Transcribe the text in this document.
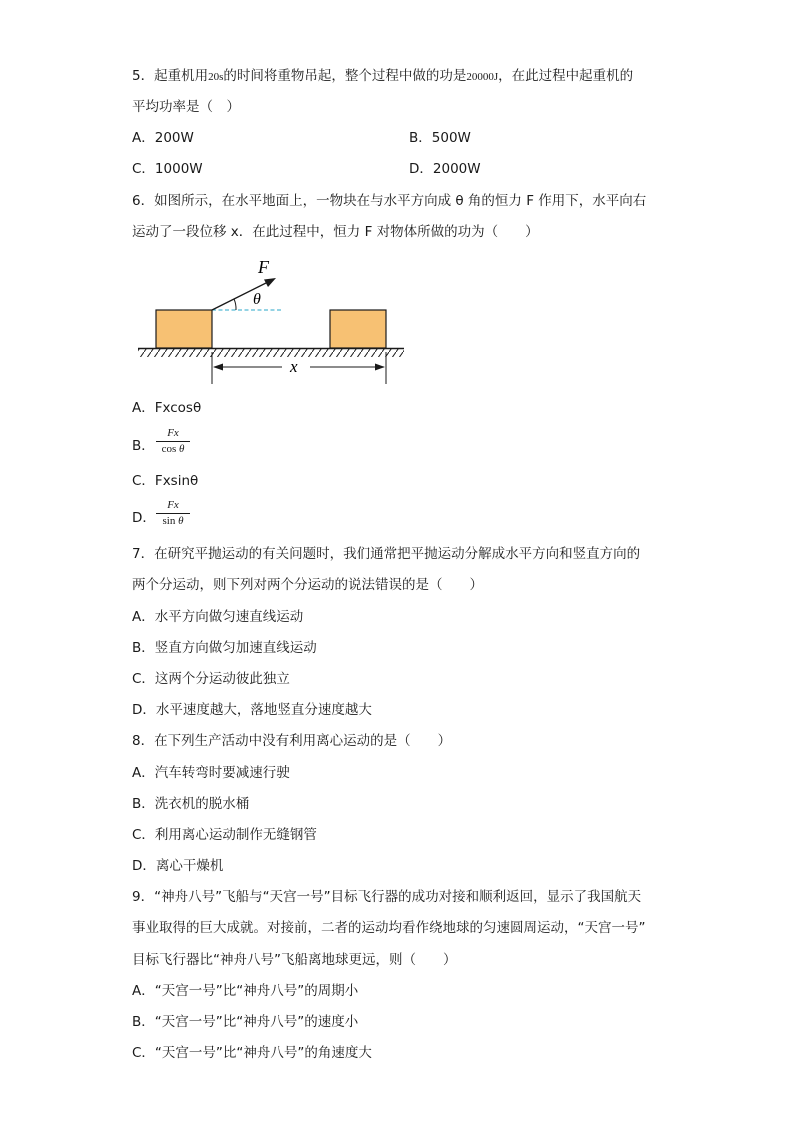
5．起重机用20s的时间将重物吊起，整个过程中做的功是20000J，在此过程中起重机的
平均功率是（　）
A．200W	B．500W
C．1000W	D．2000W
6．如图所示，在水平地面上，一物块在与水平方向成 θ 角的恒力 F 作用下，水平向右
运动了一段位移 x．在此过程中，恒力 F 对物体所做的功为（　　）
F
θ
x
A．Fxcosθ
B．
Fx
cos θ
C．Fxsinθ
D．
Fx
sin θ
7．在研究平抛运动的有关问题时，我们通常把平抛运动分解成水平方向和竖直方向的
两个分运动，则下列对两个分运动的说法错误的是（　　）
A．水平方向做匀速直线运动
B．竖直方向做匀加速直线运动
C．这两个分运动彼此独立
D．水平速度越大，落地竖直分速度越大
8．在下列生产活动中没有利用离心运动的是（　　）
A．汽车转弯时要减速行驶
B．洗衣机的脱水桶
C．利用离心运动制作无缝钢管
D．离心干燥机
9．“神舟八号”飞船与“天宫一号”目标飞行器的成功对接和顺利返回，显示了我国航天
事业取得的巨大成就。对接前，二者的运动均看作绕地球的匀速圆周运动，“天宫一号”
目标飞行器比“神舟八号”飞船离地球更远，则（　　）
A．“天宫一号”比“神舟八号”的周期小
B．“天宫一号”比“神舟八号”的速度小
C．“天宫一号”比“神舟八号”的角速度大
